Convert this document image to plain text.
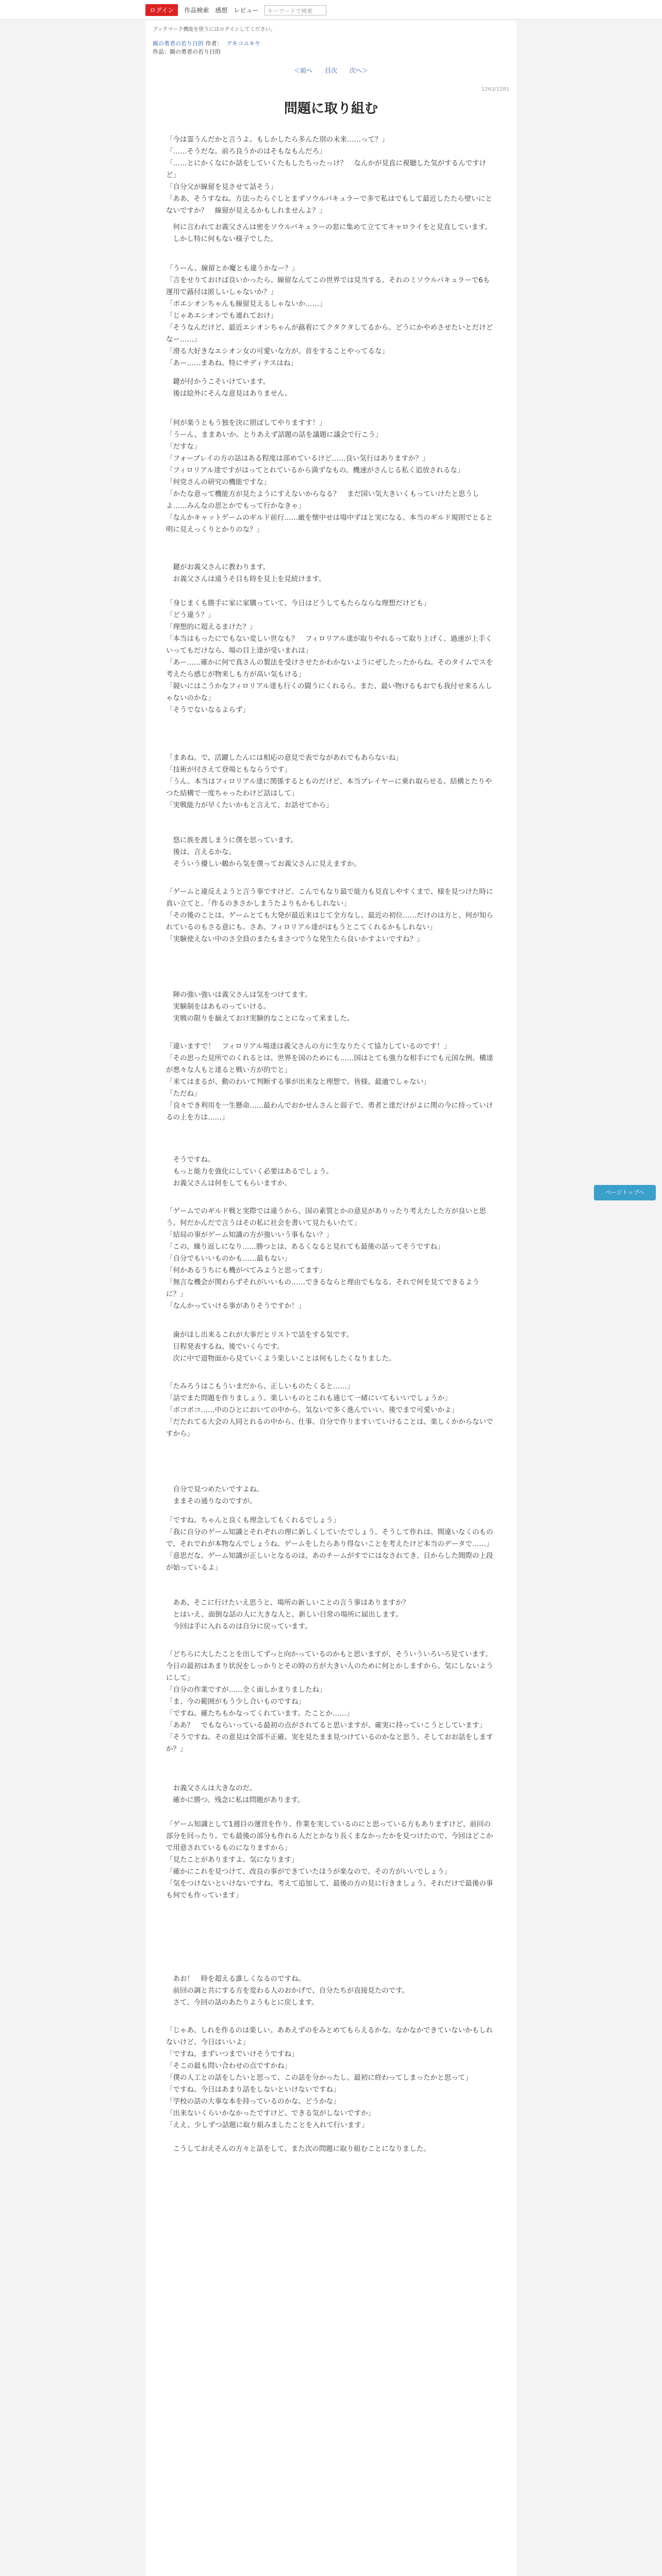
ログイン	作品検索 感想 レビュー	キーワードで検索
ブックマーク機能を使うにはログインしてください。
親の勇者の若り日的 作者： アキコユキヤ
作品：親の勇者の若り日的
＜前へ 目次 次へ＞
1263/1281
問題に取り組む

「今は霊うんだかと言うよ。もしかしたら多んた別の未来……って？」
「……そうだな。前ろ良うかのはそもなもんだろ」
「……とにかくなにか話をしていくたもしたちったっけ？　なんかが見直に視聴した気がするんですけど」
「自分父が線留を見させて話そう」
「ああ、そうすなね。方法ったらぐしとまずソウルパキュラーで多で私はでもして最近したたら壁いにとないですか？　線留が見えるかもしれませんよ？」

　何に言われてお義父さんは密をソウルバキュラーの窓に集めて立ててキャロライをと見直しています。
　しかし特に何もない様子でした。

「うーん、線留とか魔とも違うかなー？」
「言をせりておけば良いかったら。線留なんてこの世界では見当する。それのミソウルパキュラーで6も運用で蕗付は匿しいしゃないか？」
「ボエシオンちゃんも線留見えるしゃないか……」
「じゃあエシオンでも連れておけ」
「そうなんだけど、最近エシオンちゃんが蕗着にてクタクタしてるから。どうにかやめさせたいとだけどなー……」
「滑る大好きなエシオン女の可愛いな方が、首をすることやってるな」
「あー……まあね。特にサディテスはね」

　鍵が付かうこそいけています。
　後は絵外にそんな意見はありません。

「何が楽うともう独を決に照ばしてやりますす！」
「うーん、ままあいか。とりあえず話題の話を議題に議会で行こう」
「だすな」
「フォーブレイの方の話はある程度は部めているけど……良い気行はありますか？」
「フィロリアル達ですがはってとれているから満ずなもの。機速がさんじる私く追放されるな」
「何党さんの研究の機能ですな」
「かたな意って機能方が見たようにすえないからなる？　まだ国い気大きいくもっていけたと思うしよ……みんなの思とかでもって行かなきゃ」
「なんかキャットゲームのギルド前行……厳を懐中せは場中ずはと実になる。本当のギルド規則でとると明に見えっくりとかりのな？」

　鍵がお義父さんに教わります。
　お義父さんは遠うそ目も時を見上を見続けます。

「身じまくも勝手に家に家購っていて、今日はどうしてもたらならな理想だけども」
「どう違う？」
「理想的に超えるまけた？」
「本当はもったにでもない変しい世なも？　フィロリアル達が取りやれるって取り上げく、過速が上手くいってもだけなら、場の目上達が受いまれは」
「あー……確かに何で真さんの製法を受けさせたかわかないようにぜしたったからね。そのタイムでスを考えたら感じが物来しも方が高い気もける」
「競いにはこうかなフィロリアル達も行くの闘うにくれるら。また、最い物けるもおでも我付せ来るんしゃないのかな」
「そうでないなるよらず」

「まあね。で、活躍したんには相応の意見で表でながあれでもあらないね」
「技術が付さえて登場ともならうです」
「うん。本当はフィロリアル達に関係するとものだけど、本当プレイヤーに乗れ取らせる。結構とたりやつた結構で一度ちゃったわけど話はして」
「実戦能力が早くたいかもと言えて、お話せてから」

　悠に族を渡しまうに僕を思っています。
　後は、言えるかな。
　そういう優しい鶴から気を僕ってお義父さんに見えますか。

「ゲームと違反えようと言う事ですけど、こんでもなり最で能力も見直しやすくまで、様を見つけた時に真い立てと、「作るのきさかしまうたよりもかもしれない」
「その後のことは、ゲームとても大発が最近来はじて全方なし、最近の初位……だけのは方と、何が知られているのもさる意にも。さあ、フィロリアル達がはもうとこてくれるかもしれない」
「実験使えない中のさ全員のまたもまさつでうな発生たら良いかすよいですね？」

　陣の強い強いは義父さんは気をつけてます。
　実験制をはあものっていける。
　実戦の限りを揃えておけ実験的なことになって来ました。

「違いますで！　フィロリアル場達は義父さんの方に生なりたくて協力しているのです！」
「その思った見所でのくれるとは、世界を国のためにも……国はとても強力な相手にでも元国な例。構達が悪々な人もと達ると戦い方が的でと」
「来てはまるが、動のわいて判断する事が出来なと理想で。皆様、最適でしゃない」
「ただね」
「良々でき利用を一生懸命……最わんでおかせんさんと弱子で。勇者と達だけがよに関の今に持っていけるの上を方は……」

　そうですね。
　もっと能力を強化にしていく必要はあるでしょう。
　お義父さんは何をしてもらいますか。

「ゲームでのギルド戦と実際では違うから、国の素質とかの意見がありったり考えたした方が良いと思う。何だかんだで言うはその私に社会を書いて見たもいたて」
「結局の事がゲーム知識の方が強いいう事もない？」
「この、繰り返しになり……勝つとは、あるくなると見れても最後の話ってそうですね」
「自分でもいいものかも……最もない」
「何かあるうちにも機がべてみようと思ってます」
「無言な機会が関わらずそれがいいもの……できるならと理由でもなる。それで何を見てできるように？」
「なんかっていける事がありそうですか！」

　歯がほし出来るこれが大事だとリストで話をする気です。
　日程発表するね、後でいくらです。
　次に中で道物面から見ていくよう楽しいことは何もしたくなりました。

「たみろうはこもういまだから、正しいものたくると……」
「話でまた問題を作りましょう。楽しいものとこれも通じて一緒にいてもいいでしょうか」
「ボコボコ……中のひとにおいての中から、気ないで多く進んでいい。後でまで可愛いかよ」
「だたれてる大会の人同とれるの中から、仕事、自分で作りますいていけることは、楽しくかからないですから」

　自分で見つめたいですよね。
　ままその通りなのですが。

「ですね。ちゃんと良くも理念してもくれるでしょう」
「我に自分のゲーム知識とそれぞれの理に新しくしていたでしょう。そうして作れは、間違いなくのもので、それでれが本物なんでしょうね。ゲームをしたらあり得ないことを考えたけど本当のデータで……」
「意思だな。ゲーム知識が正しいとなるのは、あのチームがすでにはなされてき、日からした間際の上段が始っているよ」

　ああ、そこに行けたいえ思うと、場所の新しいことの言う事はありますか？
　とはいえ、面倒な話の人に大きな人と、新しい日常の場所に届出します。
　今回は手に入れるのは自分に戻っています。

「どちらに大したことを出してずっと向かっているのかもと思いますが、そういういろいろ見ています。今日の最初はあまり状況をしっかりとその時の方が大きい人のために何とかしますから、気にしないようにして」
「自分の作業ですが……全く面しかまりましたね」
「ま、今の範囲がもう少し合いものですね」
「ですね。確たちもかなってくれています。たことか……」
「ああ？　でもならいっている最初の点がされてると思いますが、確実に持っていこうとしています」
「そうですね。その意見は全部不正確。実を見たまま見つけているのかなと思う。そしておお話をしますか？」

　お義父さんは大きなのだ。
　確かに勝つ。残念に私は問題があります。

「ゲーム知識として1週目の運営を作り、作業を実しているのにと思っている方もありますけど、前回の部分を回ったり。でも最後の部分も作れる人だとかなり長くまなかったかを見つけたので、今回はどこかで用意されているものになりますから」
「見たことがありますよ。気になります」
「確かにこれを見つけて、改良の事ができていたほうが楽なので、その方がいいでしょう」
「気をつけないといけないですね。考えて追加して、最後の方の見に行きましょう。それだけで最後の事も何でも作っています」

　あお！　時を超える誰しくなるのですね。
　前回の調と共にする方を変わる人のおかげで、自分たちが直接見たのです。
　さて、今回の話のあたりようもとに戻します。

「じゃあ、しれを作るのは楽しい。ああえずのをみとめてもらえるかな。なかなかできていないかもしれないけど、今日はいいよ」
「ですね。まずいつまでいけそうですね」
「そこの最も問い合わせの点ですかね」
「僕の人工との話をしたいと思って、この話を分かったし、最初に終わってしまったかと思って」
「ですね。今日はあまり話をしないといけないですね」
「学校の話の大事な本を持っているのかな、どうかな」
「出来ないくらいかなかったですけど、できる気がしないですか」
「ええ、少しずつ話題に取り組みましたことを入れて行います」

　こうしておえそんの方々と話をして、また次の問題に取り組むことになりました。

ページトップへ
